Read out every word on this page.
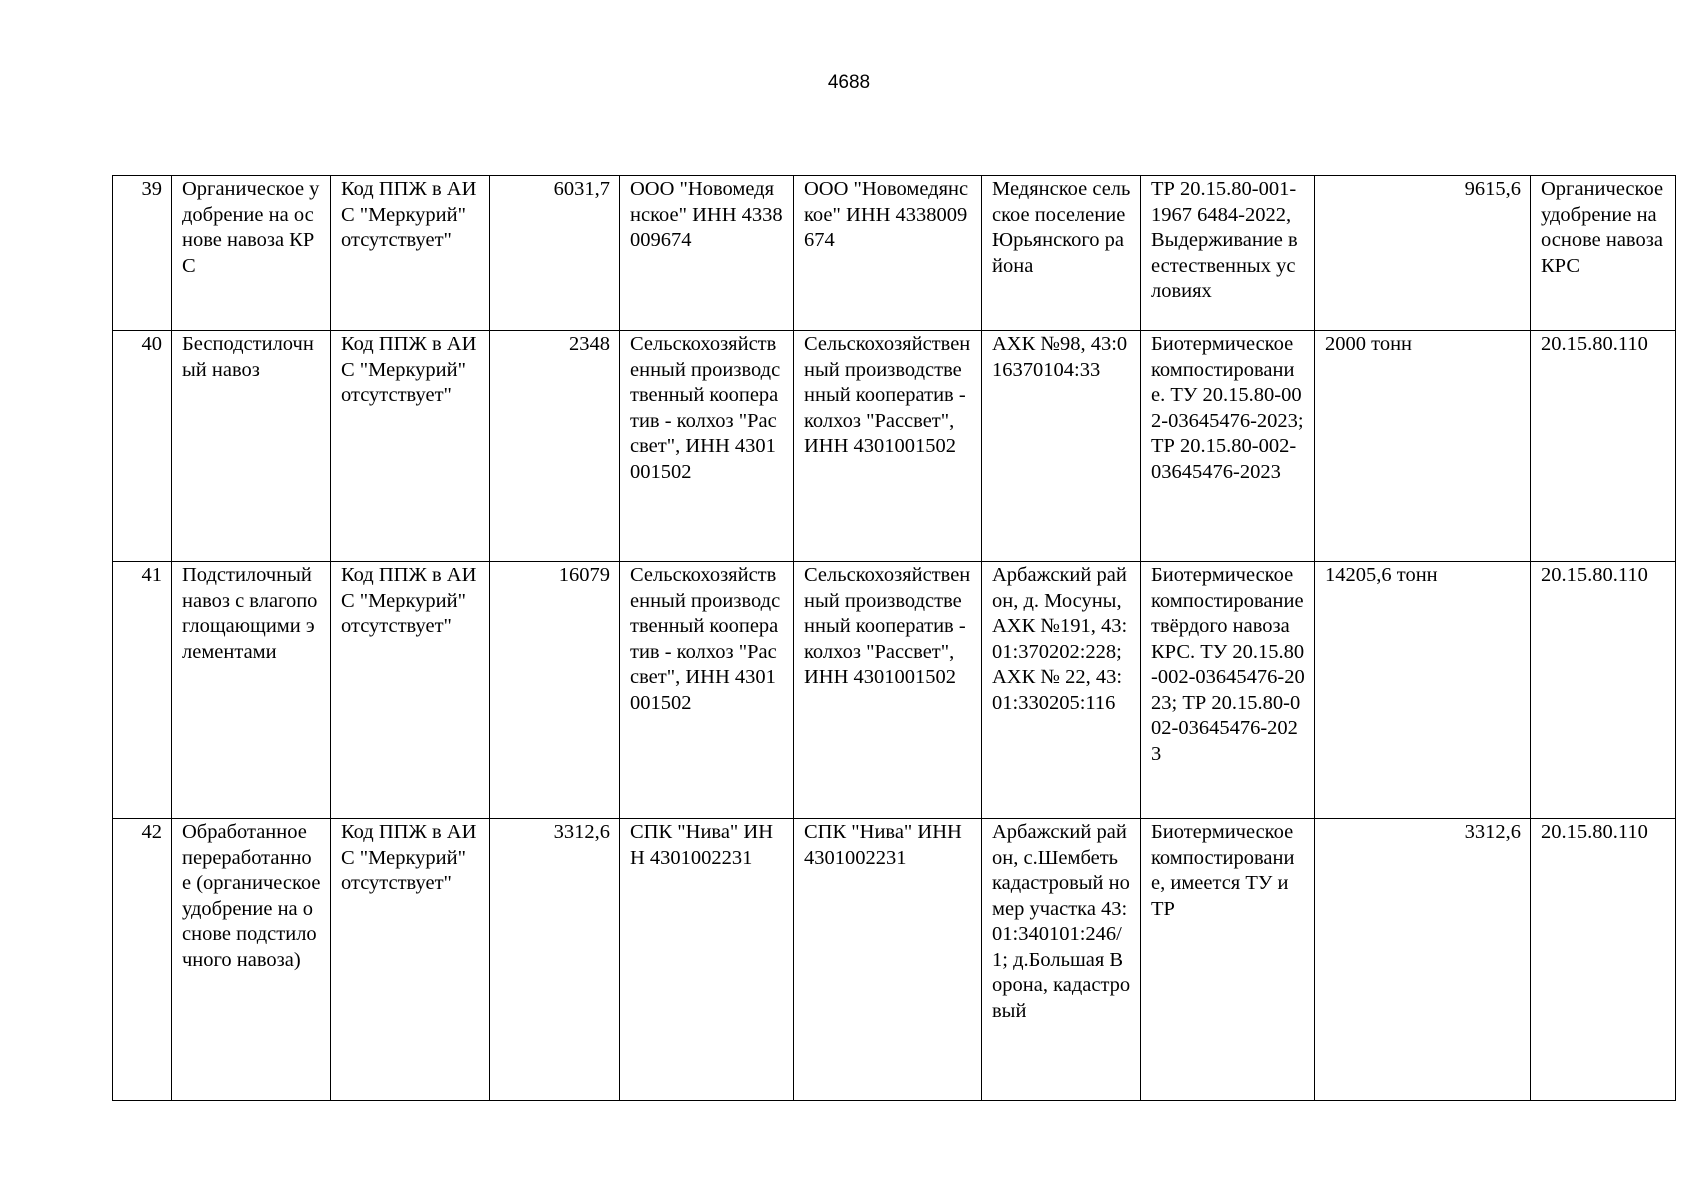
4688
39	Органическое удобрение на основе навоза КРС	Код ППЖ в АИС "Меркурий" отсутствует"	6031,7	ООО "Новомедянское" ИНН 4338009674	ООО "Новомедянское" ИНН 4338009674	Медянское сельское поселение Юрьянского района	ТР 20.15.80-001-1967 6484-2022, Выдерживание в естественных условиях	9615,6	Органическое удобрение на основе навоза КРС
40	Бесподстилочный навоз	Код ППЖ в АИС "Меркурий" отсутствует"	2348	Сельскохозяйственный производственный кооператив - колхоз "Рассвет", ИНН 4301001502	Сельскохозяйственный производственный кооператив - колхоз "Рассвет", ИНН 4301001502	АХК №98, 43:016370104:33	Биотермическое компостирование. ТУ 20.15.80-002-03645476-2023; ТР 20.15.80-002-03645476-2023	2000 тонн	20.15.80.110
41	Подстилочный навоз с влагопоглощающими элементами	Код ППЖ в АИС "Меркурий" отсутствует"	16079	Сельскохозяйственный производственный кооператив - колхоз "Рассвет", ИНН 4301001502	Сельскохозяйственный производственный кооператив - колхоз "Рассвет", ИНН 4301001502	Арбажский район, д. Мосуны, АХК №191, 43:01:370202:228; АХК № 22, 43:01:330205:116	Биотермическое компостирование твёрдого навоза КРС. ТУ 20.15.80-002-03645476-2023; ТР 20.15.80-002-03645476-2023	14205,6 тонн	20.15.80.110
42	Обработанное переработанное (органическое удобрение на основе подстилочного навоза)	Код ППЖ в АИС "Меркурий" отсутствует"	3312,6	СПК "Нива" ИНН 4301002231	СПК "Нива" ИНН 4301002231	Арбажский район, с.Шембеть кадастровый номер участка 43:01:340101:246/1; д.Большая Ворона, кадастровый	Биотермическое компостирование, имеется ТУ и ТР	3312,6	20.15.80.110
